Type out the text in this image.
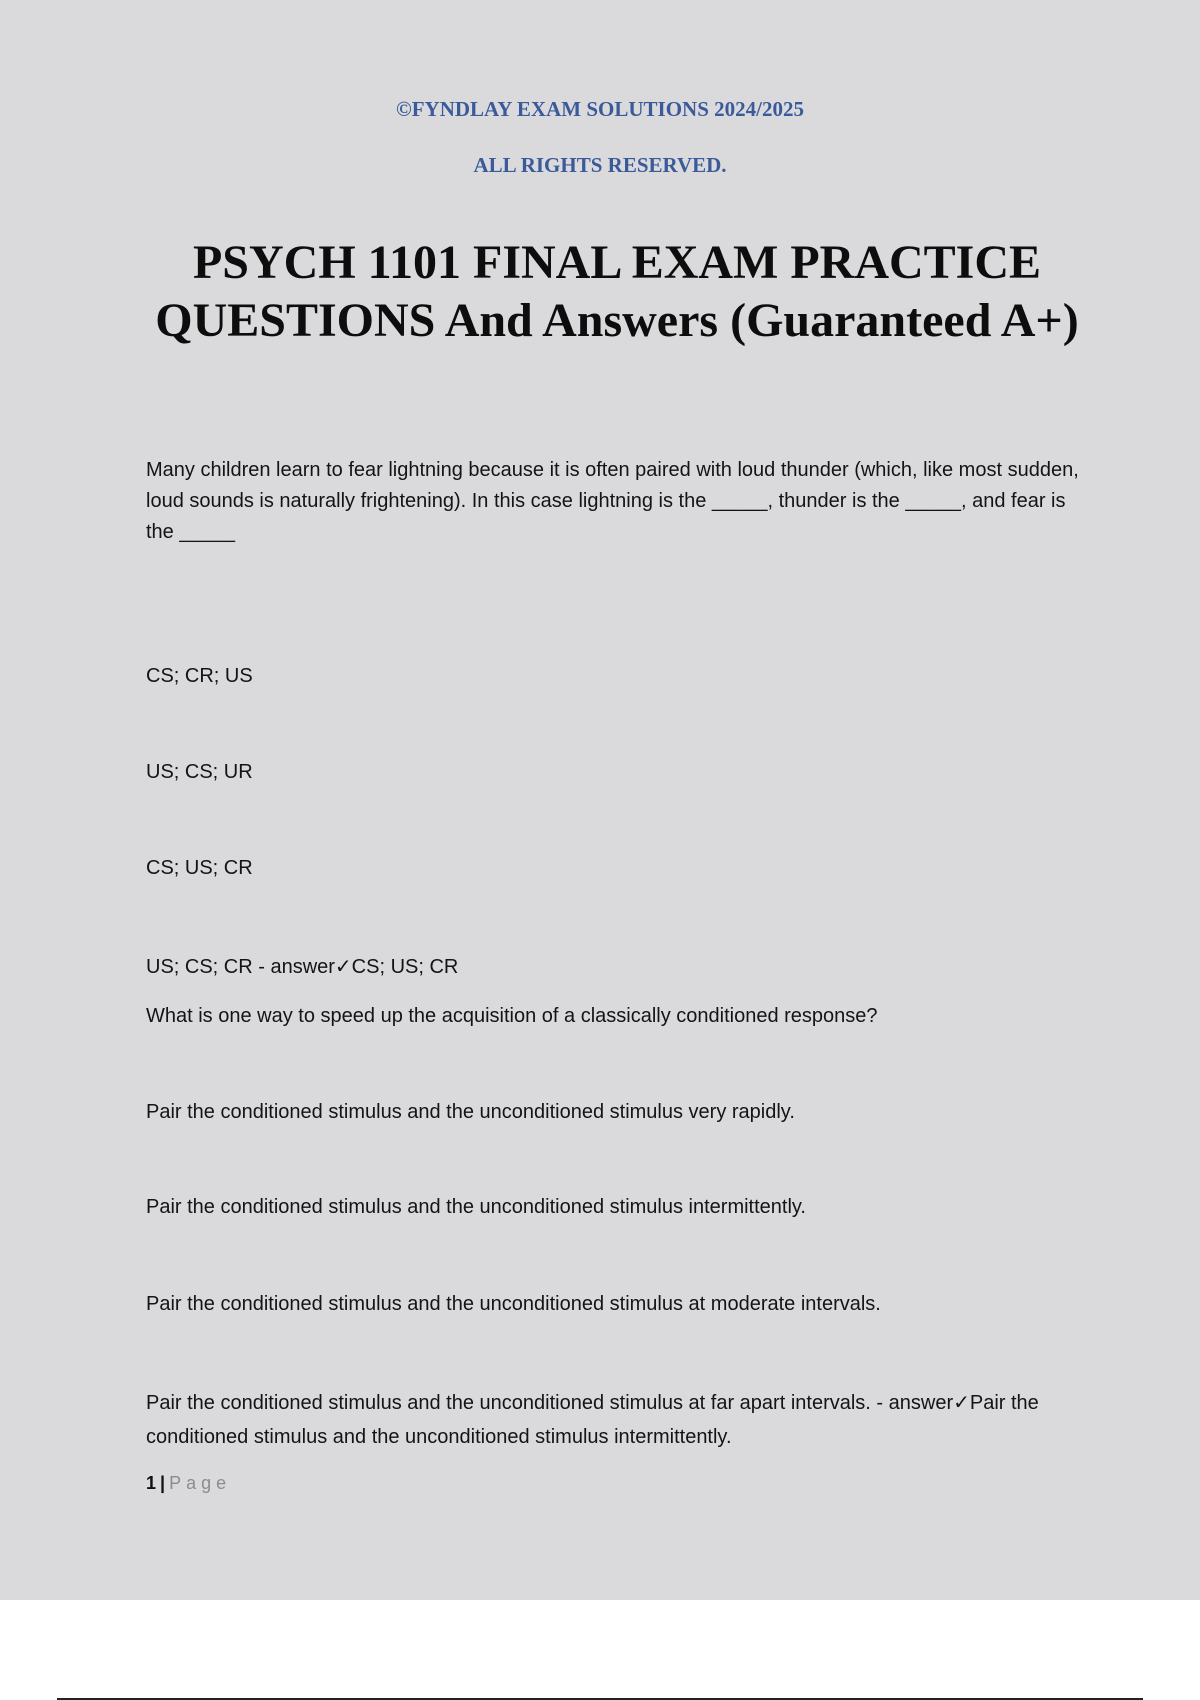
©FYNDLAY EXAM SOLUTIONS 2024/2025
ALL RIGHTS RESERVED.
PSYCH 1101 FINAL EXAM PRACTICE QUESTIONS And Answers (Guaranteed A+)
Many children learn to fear lightning because it is often paired with loud thunder (which, like most sudden, loud sounds is naturally frightening). In this case lightning is the _____, thunder is the _____, and fear is the _____
CS; CR; US
US; CS; UR
CS; US; CR
US; CS; CR - answer✓CS; US; CR
What is one way to speed up the acquisition of a classically conditioned response?
Pair the conditioned stimulus and the unconditioned stimulus very rapidly.
Pair the conditioned stimulus and the unconditioned stimulus intermittently.
Pair the conditioned stimulus and the unconditioned stimulus at moderate intervals.
Pair the conditioned stimulus and the unconditioned stimulus at far apart intervals. - answer✓Pair the conditioned stimulus and the unconditioned stimulus intermittently.
1 | Page
